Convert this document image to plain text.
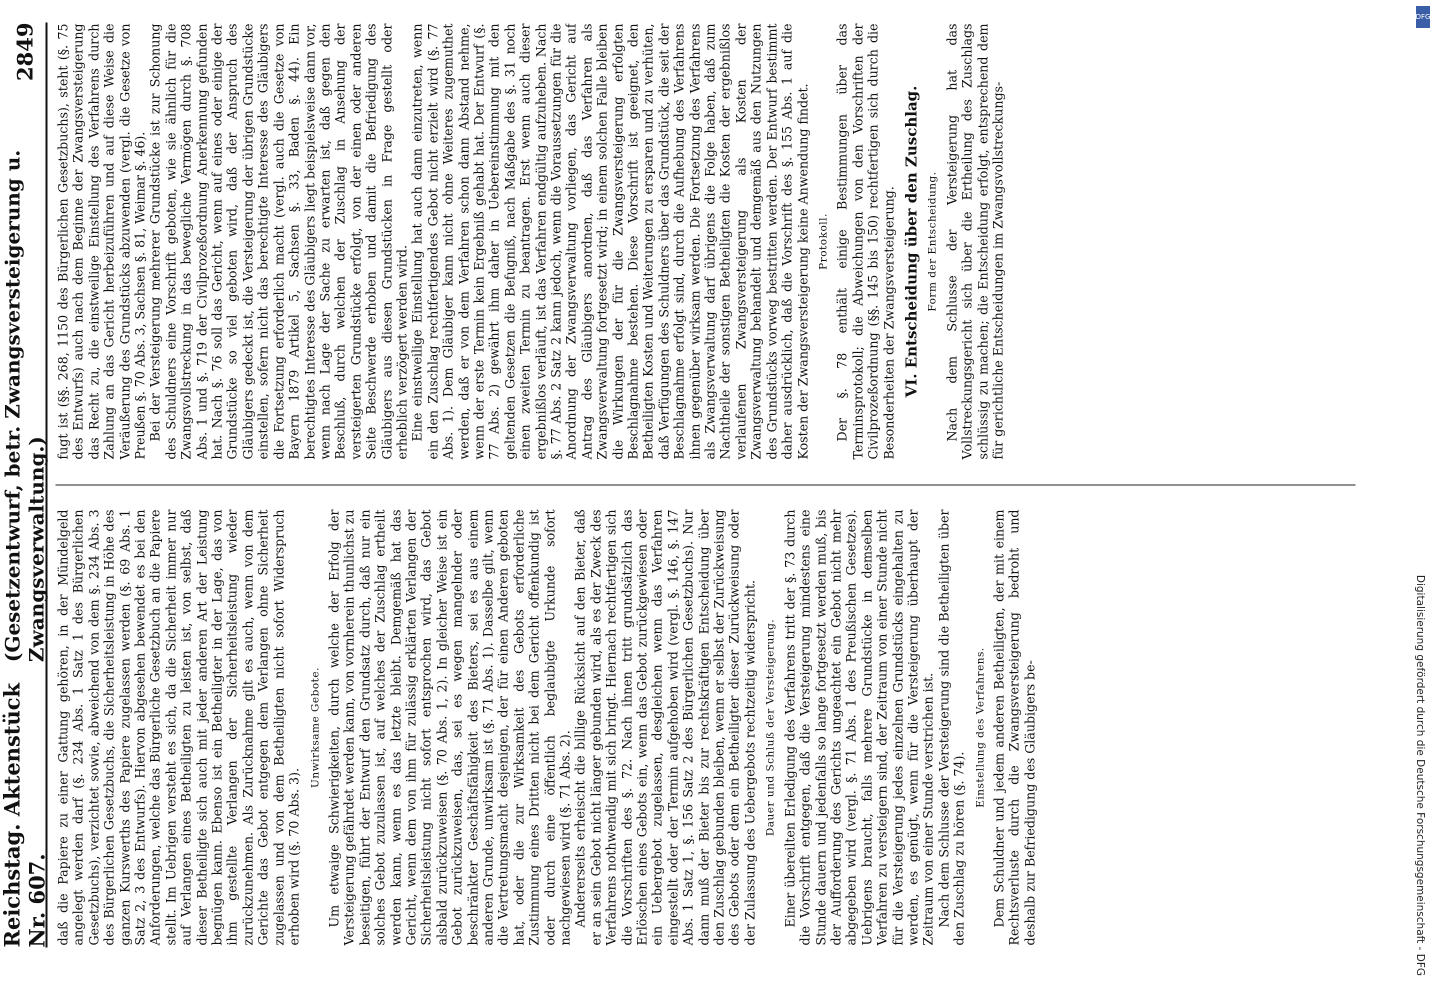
Reichstag. Aktenstück Nr. 607.
(Gesetzentwurf, betr. Zwangsversteigerung u. Zwangsverwaltung.)
2849

daß die Papiere zu einer Gattung gehören, in der Mündelgeld angelegt werden darf (§. 234 Abs. 1 Satz 1 des Bürgerlichen Gesetzbuchs), verzichtet sowie, abweichend von dem §. 234 Abs. 3 des Bürgerlichen Gesetzbuchs, die Sicherheitsleistung in Höhe des ganzen Kurswerths des Papiere zugelassen werden (§. 69 Abs. 1 Satz 2, 3 des Entwurfs). Hiervon abgesehen bewendet es bei den Anforderungen, welche das Bürgerliche Gesetzbuch an die Papiere stellt. Im Uebrigen versteht es sich, da die Sicherheit immer nur auf Verlangen eines Betheiligten zu leisten ist, von selbst, daß dieser Betheiligte sich auch mit jeder anderen Art der Leistung begnügen kann. Ebenso ist ein Betheiligter in der Lage, das von ihm gestellte Verlangen der Sicherheitsleistung wieder zurückzunehmen. Als Zurücknahme gilt es auch, wenn von dem Gerichte das Gebot entgegen dem Verlangen ohne Sicherheit zugelassen und von dem Betheiligten nicht sofort Widerspruch erhoben wird (§. 70 Abs. 3).

Unwirksame Gebote. Um etwaige Schwierigkeiten, durch welche der Erfolg der Versteigerung gefährdet werden kann, von vornherein thunlichst zu beseitigen, führt der Entwurf den Grundsatz durch, daß nur ein solches Gebot zuzulassen ist, auf welches der Zuschlag ertheilt werden kann, wenn es das letzte bleibt. Demgemäß hat das Gericht, wenn dem von ihm für zulässig erklärten Verlangen der Sicherheitsleistung nicht sofort entsprochen wird, das Gebot alsbald zurückzuweisen (§. 70 Abs. 1, 2). In gleicher Weise ist ein Gebot zurückzuweisen, das, sei es wegen mangelnder oder beschränkter Geschäftsfähigkeit des Bieters, sei es aus einem anderen Grunde, unwirksam ist (§. 71 Abs. 1). Dasselbe gilt, wenn die Vertretungsmacht desjenigen, der für einen Anderen geboten hat, oder die zur Wirksamkeit des Gebots erforderliche Zustimmung eines Dritten nicht bei dem Gericht offenkundig ist oder durch eine öffentlich beglaubigte Urkunde sofort nachgewiesen wird (§. 71 Abs. 2). Andererseits erheischt die billige Rücksicht auf den Bieter, daß er an sein Gebot nicht länger gebunden wird, als es der Zweck des Verfahrens nothwendig mit sich bringt. Hiernach rechtfertigen sich die Vorschriften des §. 72. Nach ihnen tritt grundsätzlich das Erlöschen eines Gebots ein, wenn das Gebot zurückgewiesen oder ein Uebergebot zugelassen, desgleichen wenn das Verfahren eingestellt oder der Termin aufgehoben wird (vergl. §. 146, §. 147 Abs. 1 Satz 1, §. 156 Satz 2 des Bürgerlichen Gesetzbuchs). Nur dann muß der Bieter bis zur rechtskräftigen Entscheidung über den Zuschlag gebunden bleiben, wenn er selbst der Zurückweisung des Gebots oder dem ein Betheiligter dieser Zurückweisung oder der Zulassung des Uebergebots rechtzeitig widerspricht. Dauer und Schluß der Versteigerung. Einer übereilten Erledigung des Verfahrens tritt der §. 73 durch die Vorschrift entgegen, daß die Versteigerung mindestens eine Stunde dauern und jedenfalls so lange fortgesetzt werden muß, bis der Aufforderung des Gerichts ungeachtet ein Gebot nicht mehr abgegeben wird (vergl. §. 71 Abs. 1 des Preußischen Gesetzes). Uebrigens braucht, falls mehrere Grundstücke in demselben Verfahren zu versteigern sind, der Zeitraum von einer Stunde nicht für die Versteigerung jedes einzelnen Grundstücks eingehalten zu werden, es genügt, wenn für die Versteigerung überhaupt der Zeitraum von einer Stunde verstrichen ist. Nach dem Schlusse der Versteigerung sind die Betheiligten über den Zuschlag zu hören (§. 74).

Einstellung des Verfahrens. Dem Schuldner und jedem anderen Betheiligten, der mit einem Rechtsverluste durch die Zwangsversteigerung bedroht und deshalb zur Befriedigung des Gläubigers be-

fugt ist (§§. 268, 1150 des Bürgerlichen Gesetzbuchs), steht (§. 75 des Entwurfs) auch nach dem Beginne der Zwangsversteigerung das Recht zu, die einstweilige Einstellung des Verfahrens durch Zahlung an das Gericht herbeizuführen und auf diese Weise die Veräußerung des Grundstücks abzuwenden (vergl. die Gesetze von Preußen §. 70 Abs. 3, Sachsen §. 81, Weimar §. 46). Bei der Versteigerung mehrerer Grundstücke ist zur Schonung des Schuldners eine Vorschrift geboten, wie sie ähnlich für die Zwangsvollstreckung in das bewegliche Vermögen durch §. 708 Abs. 1 und §. 719 der Civilprozeßordnung Anerkennung gefunden hat. Nach §. 76 soll das Gericht, wenn auf eines oder einige der Grundstücke so viel geboten wird, daß der Anspruch des Gläubigers gedeckt ist, die Versteigerung der übrigen Grundstücke einstellen, sofern nicht das berechtigte Interesse des Gläubigers die Fortsetzung erforderlich macht (vergl. auch die Gesetze von Bayern 1879 Artikel 5, Sachsen §. 33, Baden §. 44). Ein berechtigtes Interesse des Gläubigers liegt beispielsweise dann vor, wenn nach Lage der Sache zu erwarten ist, daß gegen den Beschluß, durch welchen der Zuschlag in Ansehung der versteigerten Grundstücke erfolgt, von der einen oder anderen Seite Beschwerde erhoben und damit die Befriedigung des Gläubigers aus diesen Grundstücken in Frage gestellt oder erheblich verzögert werden wird. Eine einstweilige Einstellung hat auch dann einzutreten, wenn ein den Zuschlag rechtfertigendes Gebot nicht erzielt wird (§. 77 Abs. 1). Dem Gläubiger kann nicht ohne Weiteres zugemuthet werden, daß er von dem Verfahren schon dann Abstand nehme, wenn der erste Termin kein Ergebniß gehabt hat. Der Entwurf (§. 77 Abs. 2) gewährt ihm daher in Uebereinstimmung mit den geltenden Gesetzen die Befugniß, nach Maßgabe des §. 31 noch einen zweiten Termin zu beantragen. Erst wenn auch dieser ergebnißlos verläuft, ist das Verfahren endgültig aufzuheben. Nach §. 77 Abs. 2 Satz 2 kann jedoch, wenn die Voraussetzungen für die Anordnung der Zwangsverwaltung vorliegen, das Gericht auf Antrag des Gläubigers anordnen, daß das Verfahren als Zwangsverwaltung fortgesetzt wird; in einem solchen Falle bleiben die Wirkungen der für die Zwangsversteigerung erfolgten Beschlagnahme bestehen. Diese Vorschrift ist geeignet, den Betheiligten Kosten und Weiterungen zu ersparen und zu verhüten, daß Verfügungen des Schuldners über das Grundstück, die seit der Beschlagnahme erfolgt sind, durch die Aufhebung des Verfahrens ihnen gegenüber wirksam werden. Die Fortsetzung des Verfahrens als Zwangsverwaltung darf übrigens die Folge haben, daß zum Nachtheile der sonstigen Betheiligten die Kosten der ergebnißlos verlaufenen Zwangsversteigerung als Kosten der Zwangsverwaltung behandelt und demgemäß aus den Nutzungen des Grundstücks vorweg bestritten werden. Der Entwurf bestimmt daher ausdrücklich, daß die Vorschrift des §. 155 Abs. 1 auf die Kosten der Zwangsversteigerung keine Anwendung findet. Protokoll. Der §. 78 enthält einige Bestimmungen über das Terminsprotokoll; die Abweichungen von den Vorschriften der Civilprozeßordnung (§§. 145 bis 150) rechtfertigen sich durch die Besonderheiten der Zwangsversteigerung. VI. Entscheidung über den Zuschlag. Form der Entscheidung. Nach dem Schlusse der Versteigerung hat das Vollstreckungsgericht sich über die Ertheilung des Zuschlags schlüssig zu machen; die Entscheidung erfolgt, entsprechend dem für gerichtliche Entscheidungen im Zwangsvollstreckungs-

DFG
Digitalisierung gefördert durch die Deutsche Forschungsgemeinschaft - DFG
